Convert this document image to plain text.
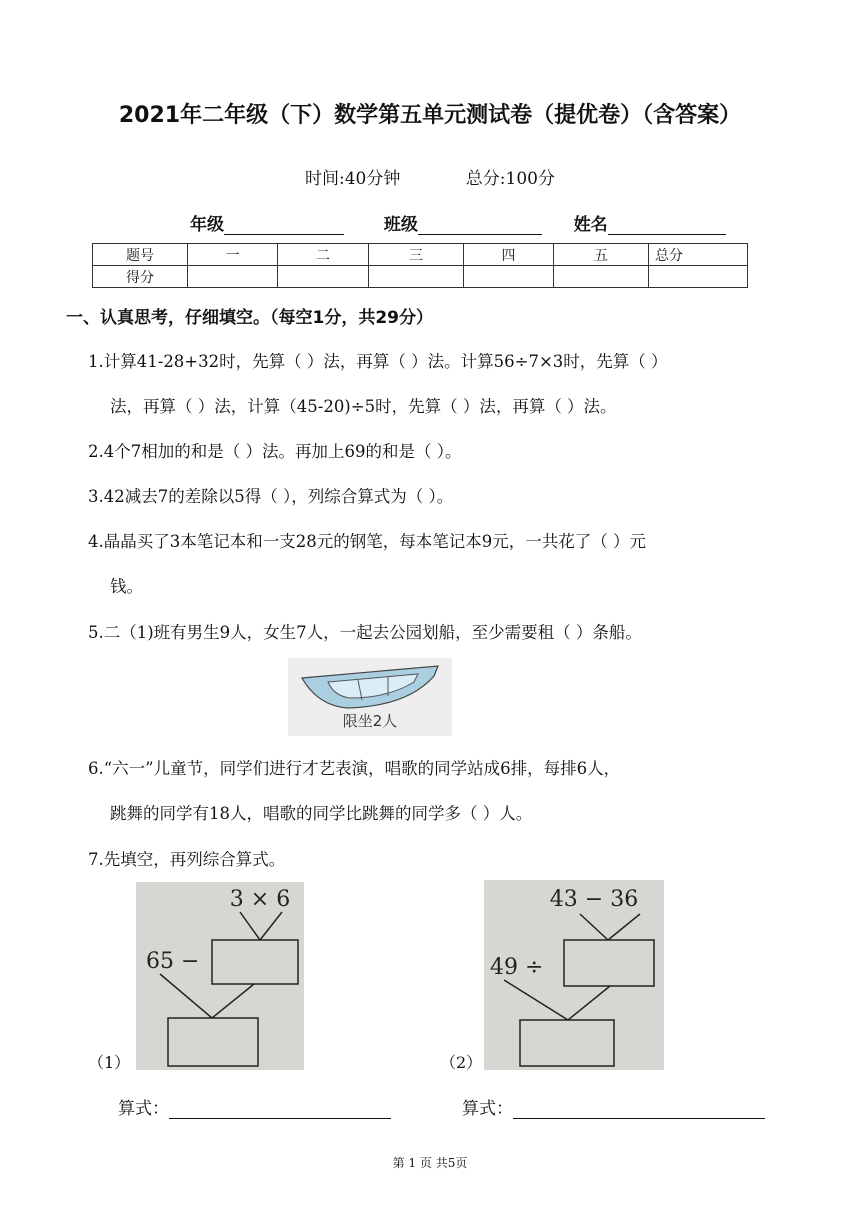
2021年二年级（下）数学第五单元测试卷（提优卷）（含答案）
时间:40分钟	总分:100分
年级	班级	姓名
题号	一	二	三	四	五	总分
得分						
一、认真思考，仔细填空。（每空1分，共29分）
1.计算41-28+32时，先算（ ）法，再算（ ）法。计算56÷7×3时，先算（ ）
法，再算（ ）法，计算（45-20)÷5时，先算（ ）法，再算（ ）法。
2.4个7相加的和是（ ）法。再加上69的和是（ ）。
3.42减去7的差除以5得（ ），列综合算式为（ ）。
4.晶晶买了3本笔记本和一支28元的钢笔，每本笔记本9元，一共花了（ ）元
钱。
5.二（1)班有男生9人，女生7人，一起去公园划船，至少需要租（ ）条船。
限坐2人
6.“六一”儿童节，同学们进行才艺表演，唱歌的同学站成6排，每排6人，
跳舞的同学有18人，唱歌的同学比跳舞的同学多（ ）人。
7.先填空，再列综合算式。
3 × 6
65 −
（1）
43 − 36
49 ÷
（2）
算式：	算式：
第 1 页 共5页
